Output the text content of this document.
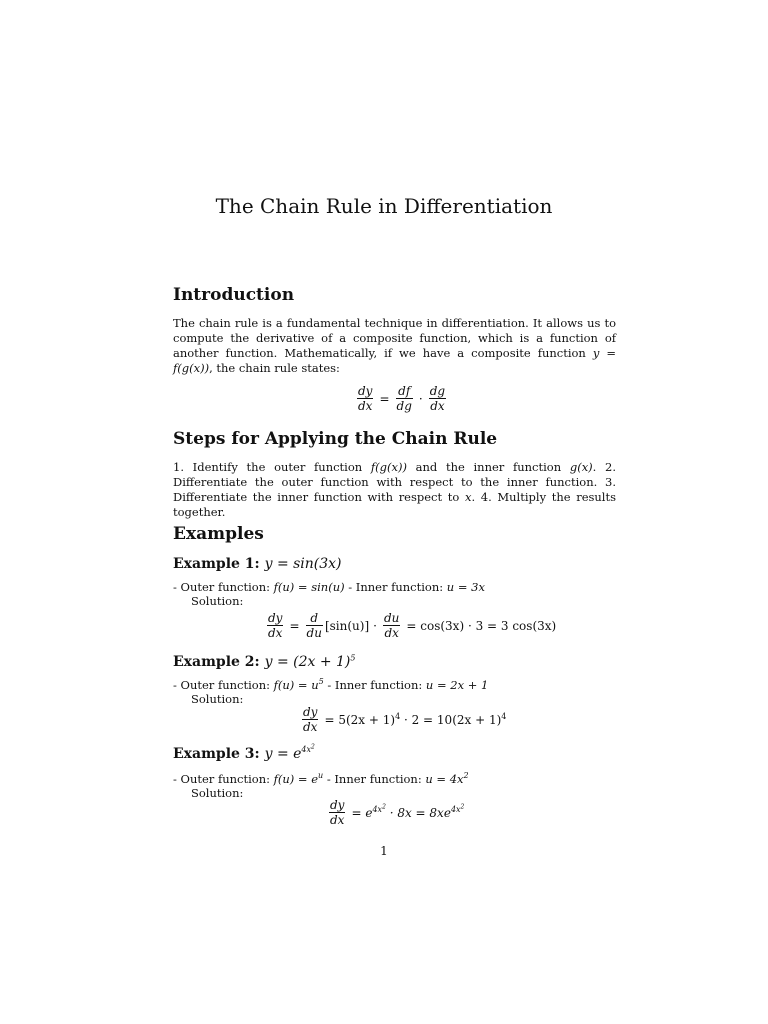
The Chain Rule in Differentiation
Introduction

The chain rule is a fundamental technique in differentiation. It allows us to compute the derivative of a composite function, which is a function of another function. Mathematically, if we have a composite function y = f(g(x)), the chain rule states:

$\frac{dy}{dx} = \frac{df}{dg} \cdot \frac{dg}{dx}$
Steps for Applying the Chain Rule

1. Identify the outer function f(g(x)) and the inner function g(x). 2. Differentiate the outer function with respect to the inner function. 3. Differentiate the inner function with respect to x. 4. Multiply the results together.

Examples
Example 1: y = sin(3x)

- Outer function: f(u) = sin(u) - Inner function: u = 3x

Solution:

$\frac{dy}{dx} = \frac{d}{du} [\sin(u)] \cdot \frac{du}{dx} = \cos(3x) \cdot 3 = 3$ cos(3x)
Example 2: $y = (2x + 1)^5$

- Outer function: $f(u) = u^5$ - Inner function: u = 2x + 1

Solution:

$\frac{dy}{dx} = 5(2x + 1)^4 \cdot 2 = 10(2x + 1)^4$
Example 3: $y = e^{4x^2}$

- Outer function: $f(u) = e^u$ - Inner function: $u = 4x^2$

Solution:

$\frac{dy}{dx} = e^{4x^2} \cdot 8x = 8xe^{4x^2}$

1
